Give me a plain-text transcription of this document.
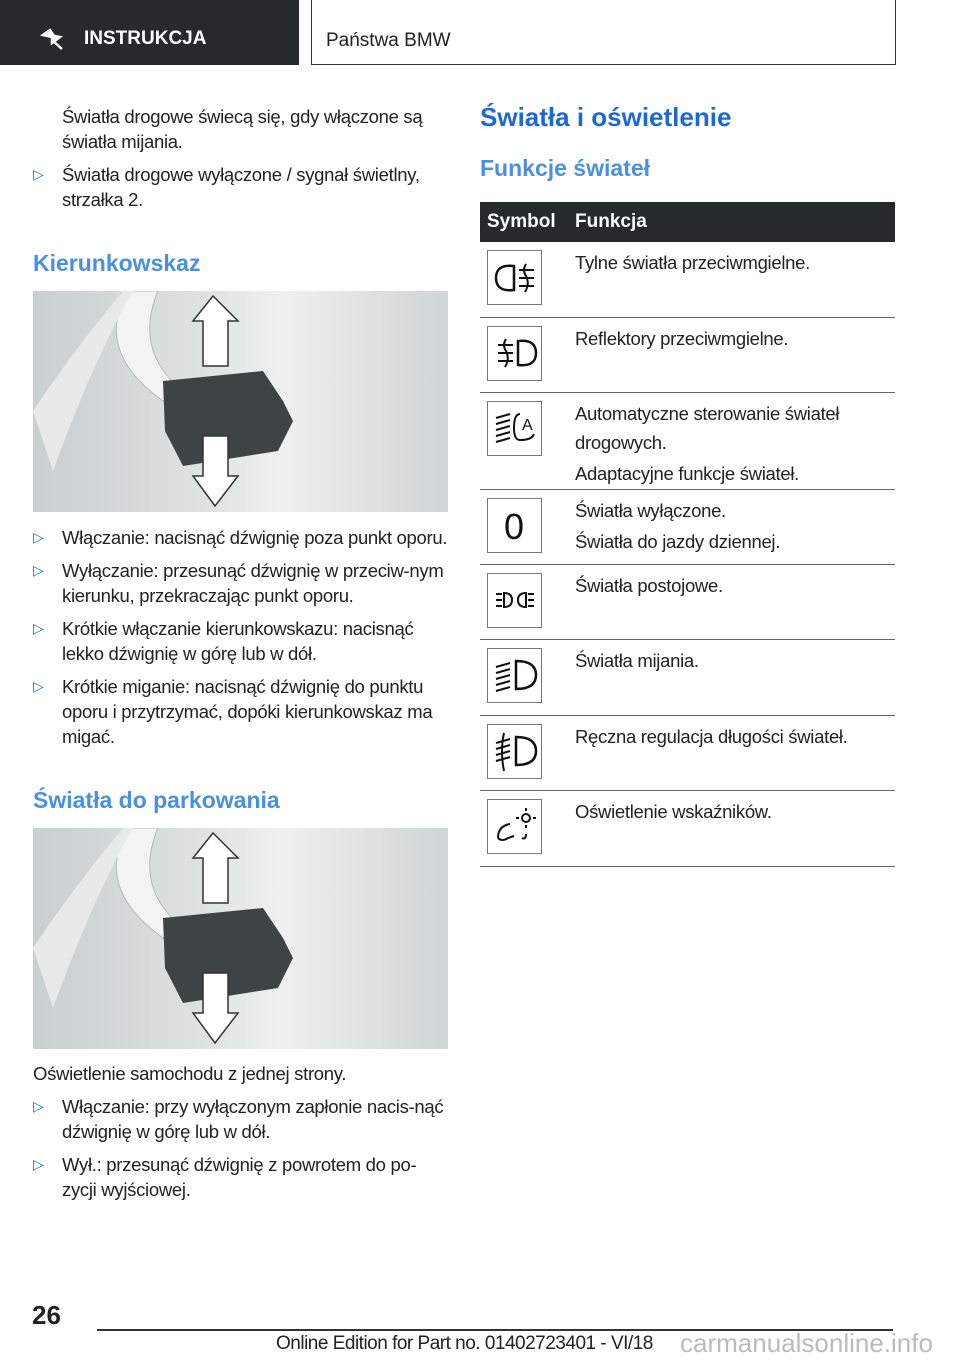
INSTRUKCJA	Państwa BMW

Światła drogowe świecą się, gdy włączone są światła mijania.

▷ Światła drogowe wyłączone / sygnał świetlny, strzałka 2.
Kierunkowskaz
▷ Włączanie: nacisnąć dźwignię poza punkt oporu.
▷ Wyłączanie: przesunąć dźwignię w przeciw-nym kierunku, przekraczając punkt oporu.
▷ Krótkie włączanie kierunkowskazu: nacisnąć lekko dźwignię w górę lub w dół.
▷ Krótkie miganie: nacisnąć dźwignię do punktu oporu i przytrzymać, dopóki kierunkowskaz ma migać.
Światła do parkowania

Oświetlenie samochodu z jednej strony.

▷ Włączanie: przy wyłączonym zapłonie nacis-nąć dźwignię w górę lub w dół.
▷ Wył.: przesunąć dźwignię z powrotem do po-zycji wyjściowej.
Światła i oświetlenie
Funkcje świateł
Symbol	Funkcja

Tylne światła przeciwmgielne.

Reflektory przeciwmgielne.

A	Automatyczne sterowanie świateł drogowych.
Adaptacyjne funkcje świateł.

0	Światła wyłączone.
Światła do jazdy dziennej.

Światła postojowe.

Światła mijania.

Ręczna regulacja długości świateł.

Oświetlenie wskaźników.
26
Online Edition for Part no. 01402723401 - VI/18 carmanualsonline.info
